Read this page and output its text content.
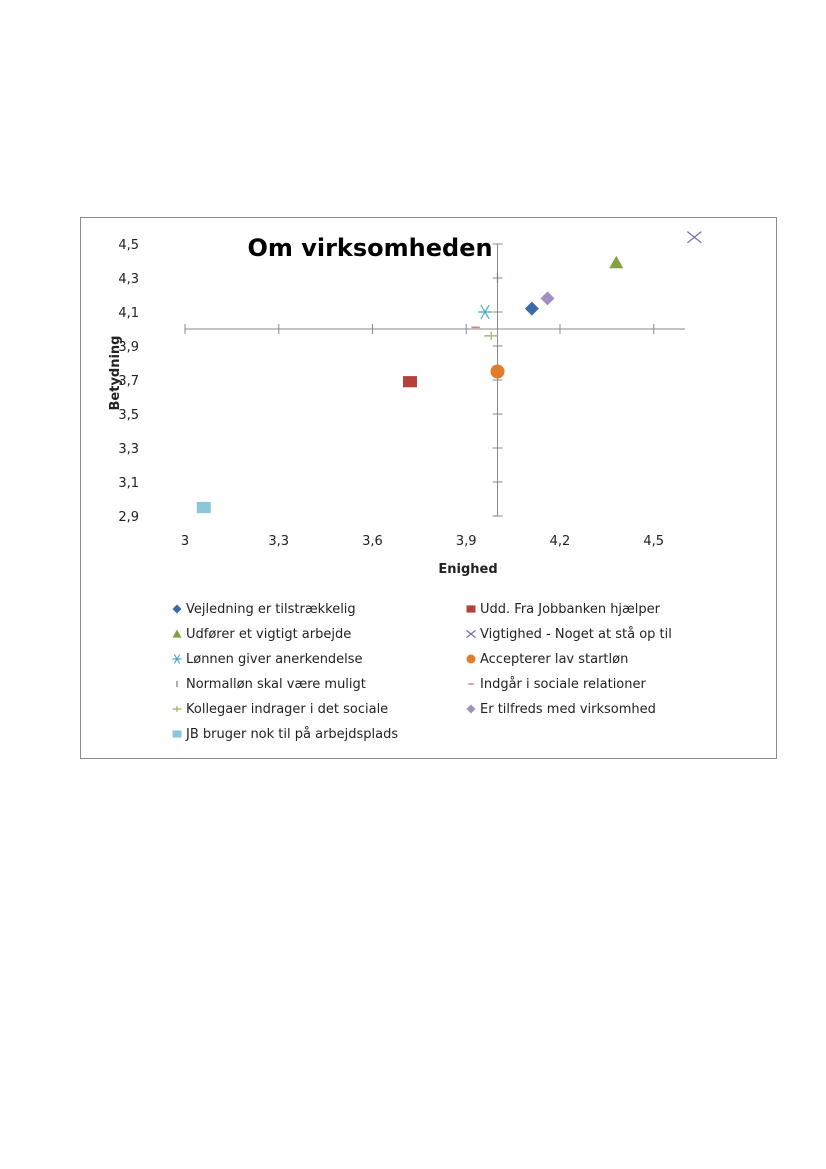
Om virksomheden
Enighed
Betydning
3	3,3	3,6	3,9	4,2	4,5
4,5
4,3
4,1
3,9
3,7
3,5
3,3
3,1
2,9
Vejledning er tilstrækkelig	Udd. Fra Jobbanken hjælper
Udfører et vigtigt arbejde	Vigtighed - Noget at stå op til
Lønnen giver anerkendelse	Accepterer lav startløn
Normalløn skal være muligt	Indgår i sociale relationer
Kollegaer indrager i det sociale	Er tilfreds med virksomhed
JB bruger nok til på arbejdsplads
